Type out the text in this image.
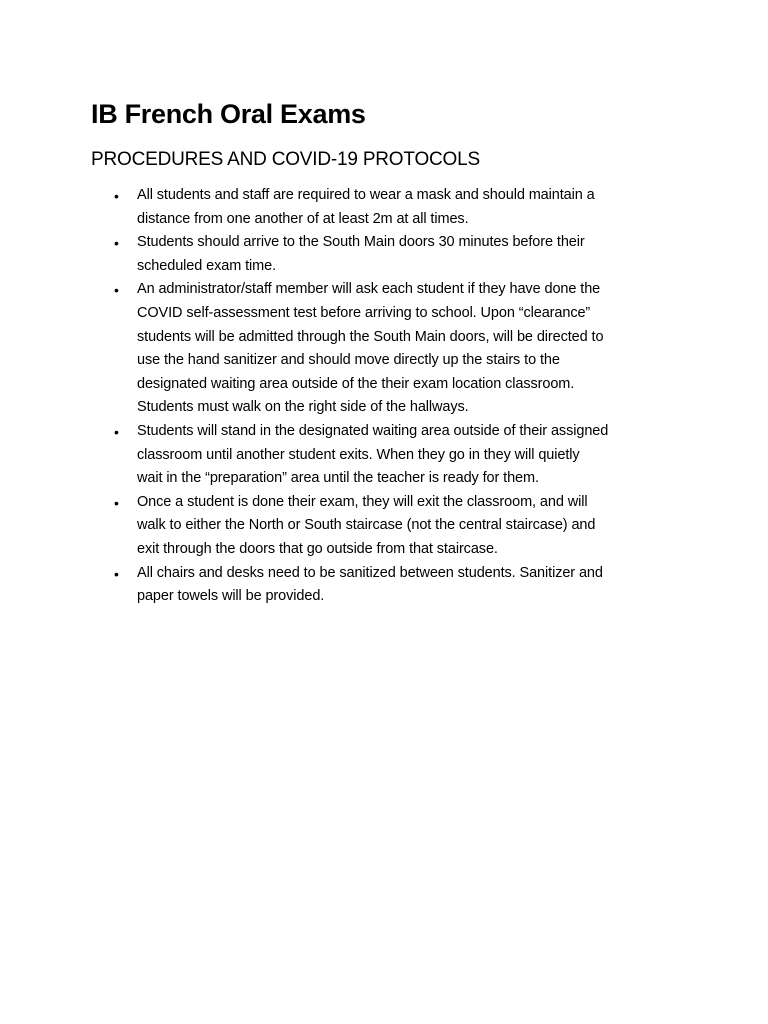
IB French Oral Exams
PROCEDURES AND COVID-19 PROTOCOLS
• All students and staff are required to wear a mask and should maintain a
distance from one another of at least 2m at all times.
• Students should arrive to the South Main doors 30 minutes before their
scheduled exam time.
• An administrator/staff member will ask each student if they have done the
COVID self-assessment test before arriving to school. Upon “clearance”
students will be admitted through the South Main doors, will be directed to
use the hand sanitizer and should move directly up the stairs to the
designated waiting area outside of the their exam location classroom.
Students must walk on the right side of the hallways.
• Students will stand in the designated waiting area outside of their assigned
classroom until another student exits. When they go in they will quietly
wait in the “preparation” area until the teacher is ready for them.
• Once a student is done their exam, they will exit the classroom, and will
walk to either the North or South staircase (not the central staircase) and
exit through the doors that go outside from that staircase.
• All chairs and desks need to be sanitized between students. Sanitizer and
paper towels will be provided.
